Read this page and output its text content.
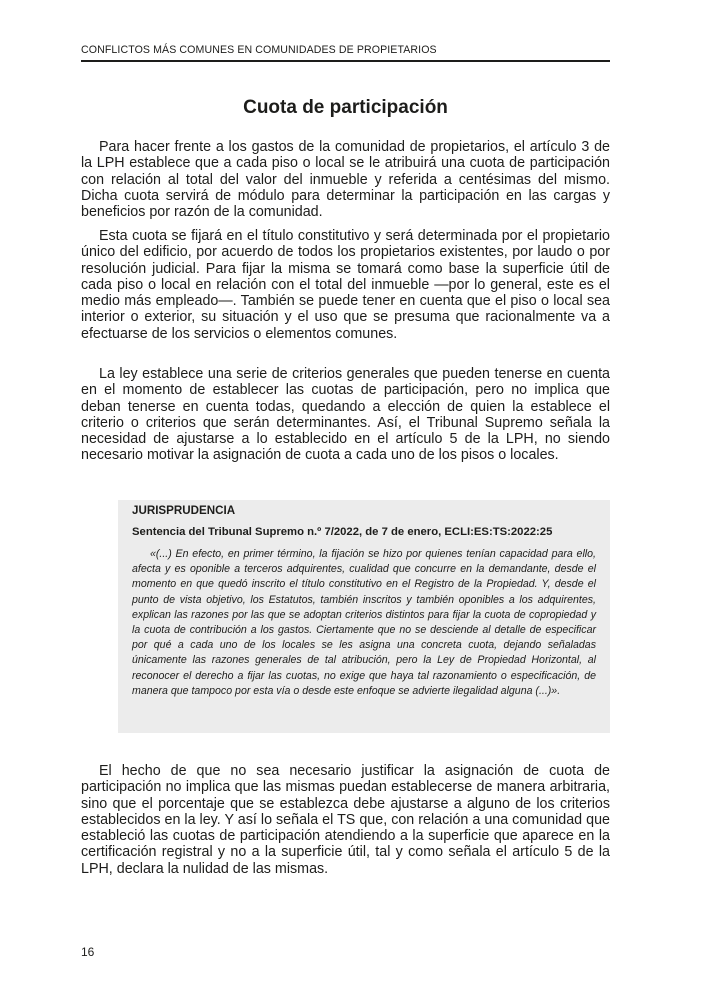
CONFLICTOS MÁS COMUNES EN COMUNIDADES DE PROPIETARIOS
Cuota de participación

Para hacer frente a los gastos de la comunidad de propietarios, el artículo 3 de la LPH establece que a cada piso o local se le atribuirá una cuota de participación con relación al total del valor del inmueble y referida a centésimas del mismo. Dicha cuota servirá de módulo para determinar la participación en las cargas y beneficios por razón de la comunidad.

Esta cuota se fijará en el título constitutivo y será determinada por el propietario único del edificio, por acuerdo de todos los propietarios existentes, por laudo o por resolución judicial. Para fijar la misma se tomará como base la superficie útil de cada piso o local en relación con el total del inmueble —por lo general, este es el medio más empleado—. También se puede tener en cuenta que el piso o local sea interior o exterior, su situación y el uso que se presuma que racionalmente va a efectuarse de los servicios o elementos comunes.

La ley establece una serie de criterios generales que pueden tenerse en cuenta en el momento de establecer las cuotas de participación, pero no implica que deban tenerse en cuenta todas, quedando a elección de quien la establece el criterio o criterios que serán determinantes. Así, el Tribunal Supremo señala la necesidad de ajustarse a lo establecido en el artículo 5 de la LPH, no siendo necesario motivar la asignación de cuota a cada uno de los pisos o locales.

JURISPRUDENCIA
Sentencia del Tribunal Supremo n.º 7/2022, de 7 de enero, ECLI:ES:TS:2022:25

«(...) En efecto, en primer término, la fijación se hizo por quienes tenían capacidad para ello, afecta y es oponible a terceros adquirentes, cualidad que concurre en la demandante, desde el momento en que quedó inscrito el título constitutivo en el Registro de la Propiedad. Y, desde el punto de vista objetivo, los Estatutos, también inscritos y también oponibles a los adquirentes, explican las razones por las que se adoptan criterios distintos para fijar la cuota de copropiedad y la cuota de contribución a los gastos. Ciertamente que no se desciende al detalle de especificar por qué a cada uno de los locales se les asigna una concreta cuota, dejando señaladas únicamente las razones generales de tal atribución, pero la Ley de Propiedad Horizontal, al reconocer el derecho a fijar las cuotas, no exige que haya tal razonamiento o especificación, de manera que tampoco por esta vía o desde este enfoque se advierte ilegalidad alguna (...)».

El hecho de que no sea necesario justificar la asignación de cuota de participación no implica que las mismas puedan establecerse de manera arbitraria, sino que el porcentaje que se establezca debe ajustarse a alguno de los criterios establecidos en la ley. Y así lo señala el TS que, con relación a una comunidad que estableció las cuotas de participación atendiendo a la superficie que aparece en la certificación registral y no a la superficie útil, tal y como señala el artículo 5 de la LPH, declara la nulidad de las mismas.

16
